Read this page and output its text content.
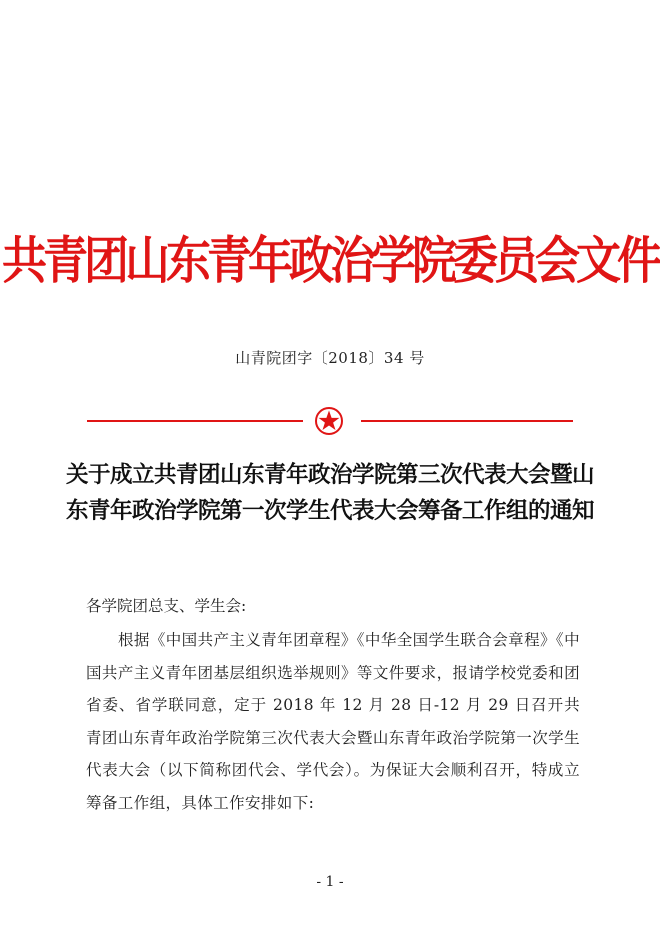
共青团山东青年政治学院委员会文件
山青院团字〔2018〕34 号
关于成立共青团山东青年政治学院第三次代表大会暨山东青年政治学院第一次学生代表大会筹备工作组的通知
各学院团总支、学生会:
根据《中国共产主义青年团章程》《中华全国学生联合会章程》《中国共产主义青年团基层组织选举规则》等文件要求，报请学校党委和团省委、省学联同意，定于 2018 年 12 月 28 日-12 月 29 日召开共青团山东青年政治学院第三次代表大会暨山东青年政治学院第一次学生代表大会（以下简称团代会、学代会）。为保证大会顺利召开，特成立筹备工作组，具体工作安排如下:
- 1 -
